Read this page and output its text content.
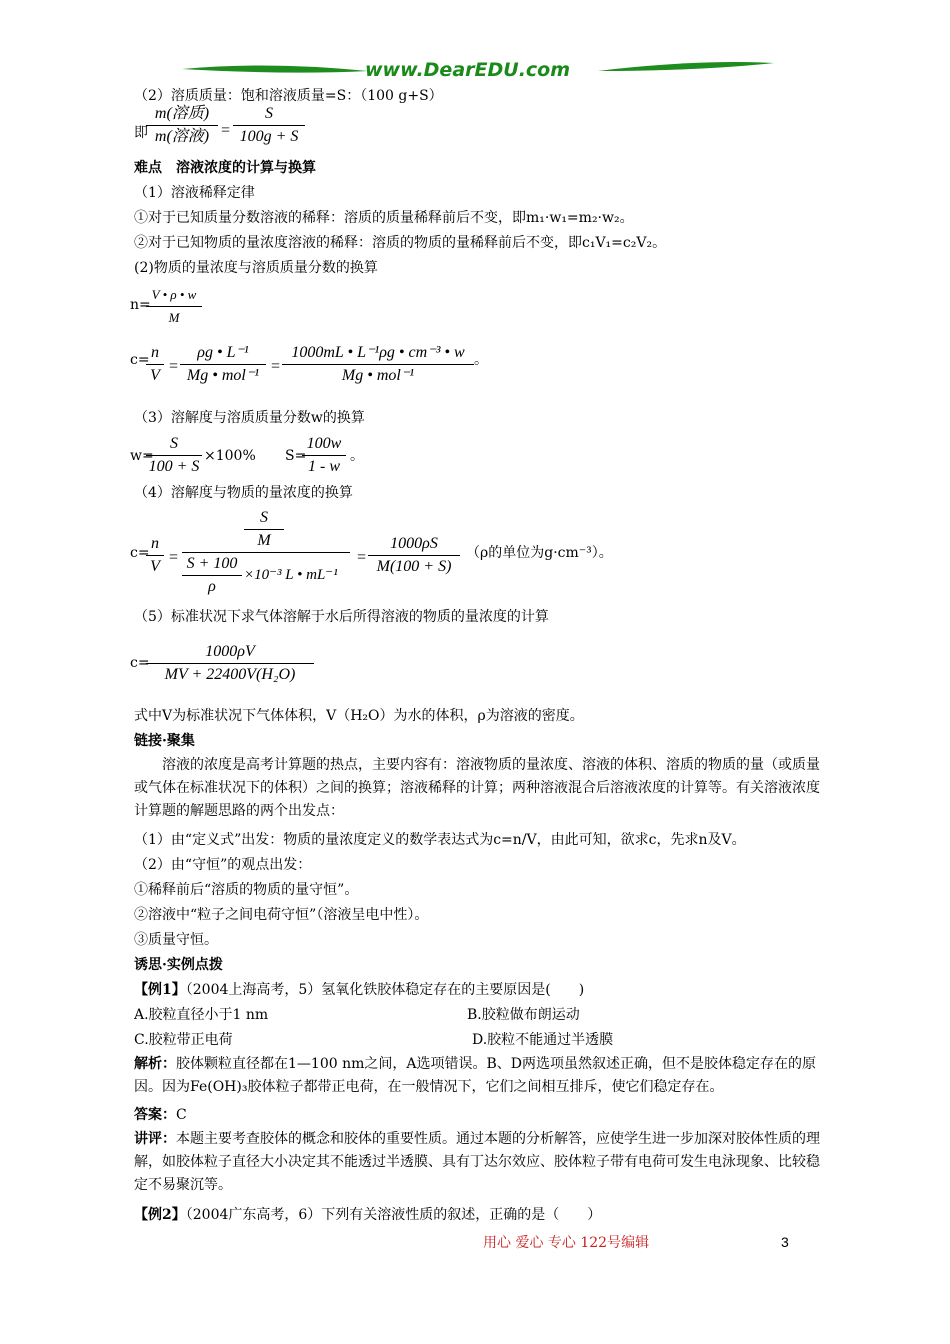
www.DearEDU.com
（2）溶质质量：饱和溶液质量=S：（100 g+S）
即
m(溶质)
m(溶液) =
S
100g + S
难点　溶液浓度的计算与换算
（1）溶液稀释定律
①对于已知质量分数溶液的稀释：溶质的质量稀释前后不变，即m₁·w₁=m₂·w₂。
②对于已知物质的量浓度溶液的稀释：溶质的物质的量稀释前后不变，即c₁V₁=c₂V₂。
(2)物质的量浓度与溶质质量分数的换算
n=
V • ρ • w
M
c= n
V
=
ρg • L⁻¹
Mg • mol⁻¹
=
1000mL • L⁻¹ρg • cm⁻³ • w
Mg • mol⁻¹
。
（3）溶解度与溶质质量分数w的换算
w=
S
100 + S
×100% S=
100w
1 - w
。
（4）溶解度与物质的量浓度的换算
c=
n
V
=
S
M
S + 100
ρ
×10⁻³ L • mL⁻¹
=
1000ρS
M(100 + S)
（ρ的单位为g·cm⁻³）。
（5）标准状况下求气体溶解于水后所得溶液的物质的量浓度的计算
c=
1000ρV
MV + 22400V(H₂O)
式中V为标准状况下气体体积，V（H₂O）为水的体积，ρ为溶液的密度。
链接·聚集

溶液的浓度是高考计算题的热点，主要内容有：溶液物质的量浓度、溶液的体积、溶质的物质的量（或质量或气体在标准状况下的体积）之间的换算；溶液稀释的计算；两种溶液混合后溶液浓度的计算等。有关溶液浓度计算题的解题思路的两个出发点：

（1）由“定义式”出发：物质的量浓度定义的数学表达式为c=n/V，由此可知，欲求c，先求n及V。
（2）由“守恒”的观点出发：
①稀释前后“溶质的物质的量守恒”。
②溶液中“粒子之间电荷守恒”（溶液呈电中性）。
③质量守恒。
诱思·实例点拨
【例1】（2004上海高考，5）氢氧化铁胶体稳定存在的主要原因是(　　)
A.胶粒直径小于1 nm	B.胶粒做布朗运动
C.胶粒带正电荷	D.胶粒不能通过半透膜

解析：胶体颗粒直径都在1—100 nm之间，A选项错误。B、D两选项虽然叙述正确，但不是胶体稳定存在的原因。因为Fe(OH)₃胶体粒子都带正电荷，在一般情况下，它们之间相互排斥，使它们稳定存在。

答案：C

讲评：本题主要考查胶体的概念和胶体的重要性质。通过本题的分析解答，应使学生进一步加深对胶体性质的理解，如胶体粒子直径大小决定其不能透过半透膜、具有丁达尔效应、胶体粒子带有电荷可发生电泳现象、比较稳定不易聚沉等。

【例2】（2004广东高考，6）下列有关溶液性质的叙述，正确的是（　　）
用心 爱心 专心 122号编辑	3
